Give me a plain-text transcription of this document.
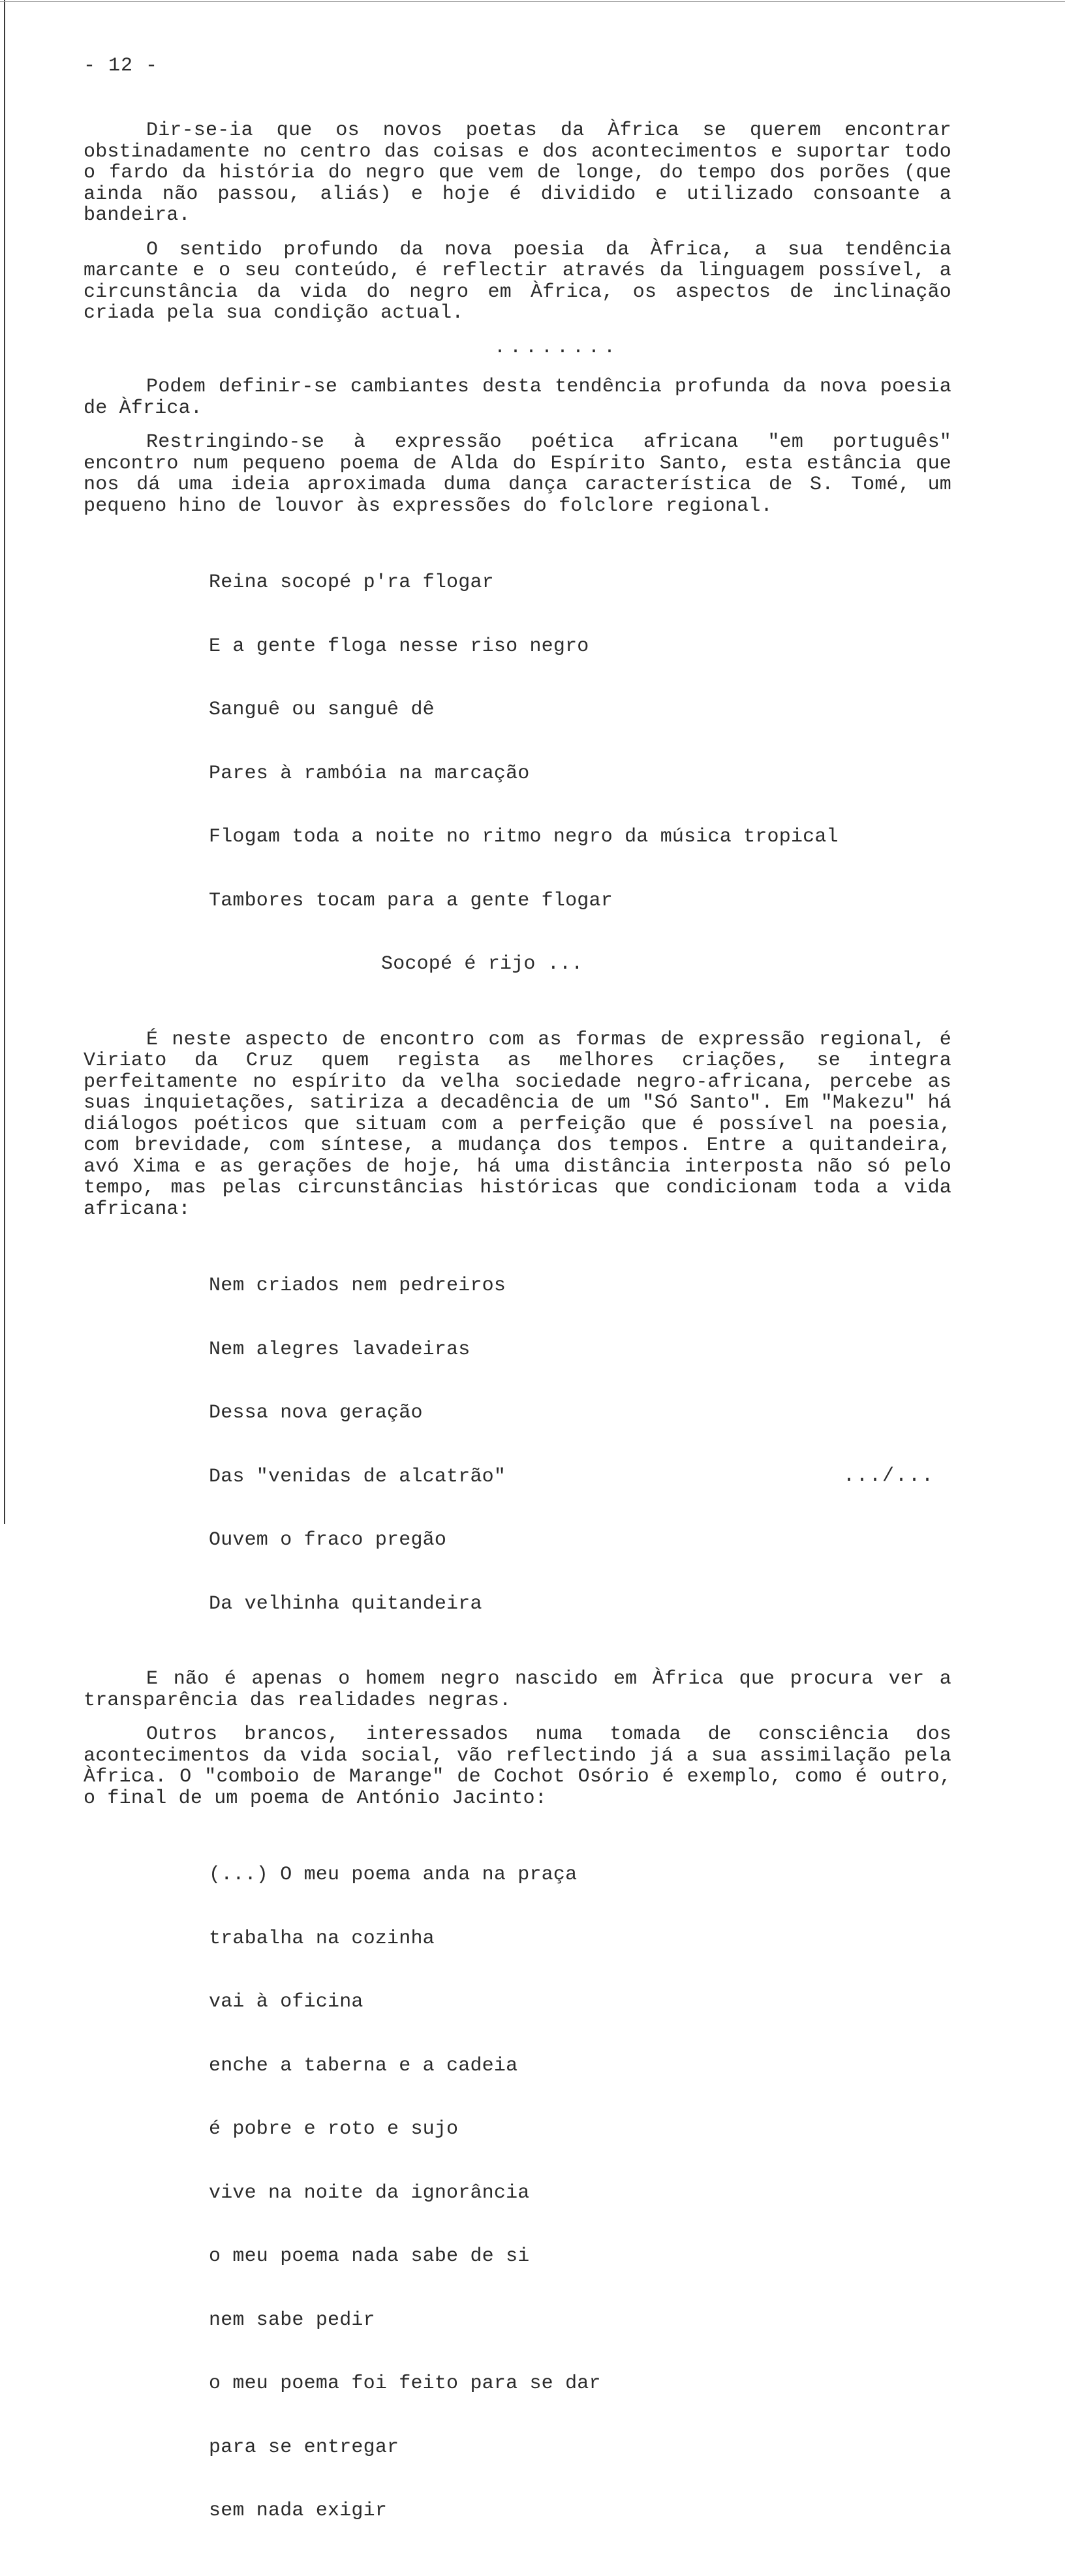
- 12 -

Dir-se-ia que os novos poetas da Àfrica se querem encontrar obstinadamente no centro das coisas e dos acontecimentos e suportar todo o fardo da história do negro que vem de longe, do tempo dos porões (que ainda não passou, aliás) e hoje é dividido e utilizado consoante a bandeira.

O sentido profundo da nova poesia da Àfrica, a sua tendência marcante e o seu conteúdo, é reflectir através da linguagem possível, a circunstância da vida do negro em Àfrica, os aspectos de inclinação criada pela sua condição actual.

........

Podem definir-se cambiantes desta tendência profunda da nova poesia de Àfrica.

Restringindo-se à expressão poética africana "em português" encontro num pequeno poema de Alda do Espírito Santo, esta estância que nos dá uma ideia aproximada duma dança característica de S. Tomé, um pequeno hino de louvor às expressões do folclore regional.

Reina socopé p'ra flogar

E a gente floga nesse riso negro

Sanguê ou sanguê dê

Pares à rambóia na marcação

Flogam toda a noite no ritmo negro da música tropical

Tambores tocam para a gente flogar

Socopé é rijo ...

É neste aspecto de encontro com as formas de expressão regional, é Viriato da Cruz quem regista as melhores criações, se integra perfeitamente no espírito da velha sociedade negro-africana, percebe as suas inquietações, satiriza a decadência de um "Só Santo". Em "Makezu" há diálogos poéticos que situam com a perfeição que é possível na poesia, com brevidade, com síntese, a mudança dos tempos. Entre a quitandeira, avó Xima e as gerações de hoje, há uma distância interposta não só pelo tempo, mas pelas circunstâncias históricas que condicionam toda a vida africana:

Nem criados nem pedreiros

Nem alegres lavadeiras

Dessa nova geração

Das "venidas de alcatrão"

Ouvem o fraco pregão

Da velhinha quitandeira

E não é apenas o homem negro nascido em Àfrica que procura ver a transparência das realidades negras.

Outros brancos, interessados numa tomada de consciência dos acontecimentos da vida social, vão reflectindo já a sua assimilação pela Àfrica. O "comboio de Marange" de Cochot Osório é exemplo, como é outro, o final de um poema de António Jacinto:

(...) O meu poema anda na praça

trabalha na cozinha

vai à oficina

enche a taberna e a cadeia

é pobre e roto e sujo

vive na noite da ignorância

o meu poema nada sabe de si

nem sabe pedir

o meu poema foi feito para se dar

para se entregar

sem nada exigir

.../...
